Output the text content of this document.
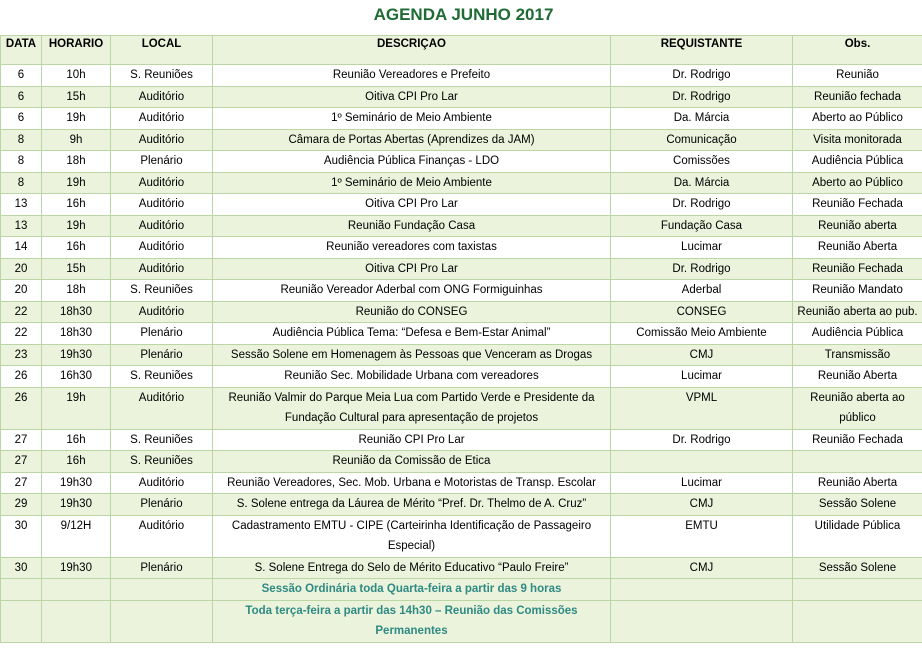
AGENDA JUNHO 2017
DATA	HORARIO	LOCAL	DESCRIÇAO	REQUISTANTE	Obs.
6	10h	S. Reuniões	Reunião Vereadores e Prefeito	Dr. Rodrigo	Reunião
6	15h	Auditório	Oitiva CPI Pro Lar	Dr. Rodrigo	Reunião fechada
6	19h	Auditório	1º Seminário de Meio Ambiente	Da. Márcia	Aberto ao Público
8	9h	Auditório	Câmara de Portas Abertas (Aprendizes da JAM)	Comunicação	Visita monitorada
8	18h	Plenário	Audiência Pública Finanças - LDO	Comissões	Audiência Pública
8	19h	Auditório	1º Seminário de Meio Ambiente	Da. Márcia	Aberto ao Público
13	16h	Auditório	Oitiva CPI Pro Lar	Dr. Rodrigo	Reunião Fechada
13	19h	Auditório	Reunião Fundação Casa	Fundação Casa	Reunião aberta
14	16h	Auditório	Reunião vereadores com taxistas	Lucimar	Reunião Aberta
20	15h	Auditório	Oitiva CPI Pro Lar	Dr. Rodrigo	Reunião Fechada
20	18h	S. Reuniões	Reunião Vereador Aderbal com ONG Formiguinhas	Aderbal	Reunião Mandato
22	18h30	Auditório	Reunião do CONSEG	CONSEG	Reunião aberta ao pub.
22	18h30	Plenário	Audiência Pública Tema: “Defesa e Bem-Estar Animal”	Comissão Meio Ambiente	Audiência Pública
23	19h30	Plenário	Sessão Solene em Homenagem às Pessoas que Venceram as Drogas	CMJ	Transmissão
26	16h30	S. Reuniões	Reunião Sec. Mobilidade Urbana com vereadores	Lucimar	Reunião Aberta
26	19h	Auditório	Reunião Valmir do Parque Meia Lua com Partido Verde e Presidente da Fundação Cultural para apresentação de projetos	VPML	Reunião aberta ao público
27	16h	S. Reuniões	Reunião CPI Pro Lar	Dr. Rodrigo	Reunião Fechada
27	16h	S. Reuniões	Reunião da Comissão de Etica		
27	19h30	Auditório	Reunião Vereadores, Sec. Mob. Urbana e Motoristas de Transp. Escolar	Lucimar	Reunião Aberta
29	19h30	Plenário	S. Solene entrega da Láurea de Mérito “Pref. Dr. Thelmo de A. Cruz”	CMJ	Sessão Solene
30	9/12H	Auditório	Cadastramento EMTU - CIPE (Carteirinha Identificação de Passageiro Especial)	EMTU	Utilidade Pública
30	19h30	Plenário	S. Solene Entrega do Selo de Mérito Educativo “Paulo Freire”	CMJ	Sessão Solene
			Sessão Ordinária toda Quarta-feira a partir das 9 horas		
			Toda terça-feira a partir das 14h30 – Reunião das Comissões Permanentes		
